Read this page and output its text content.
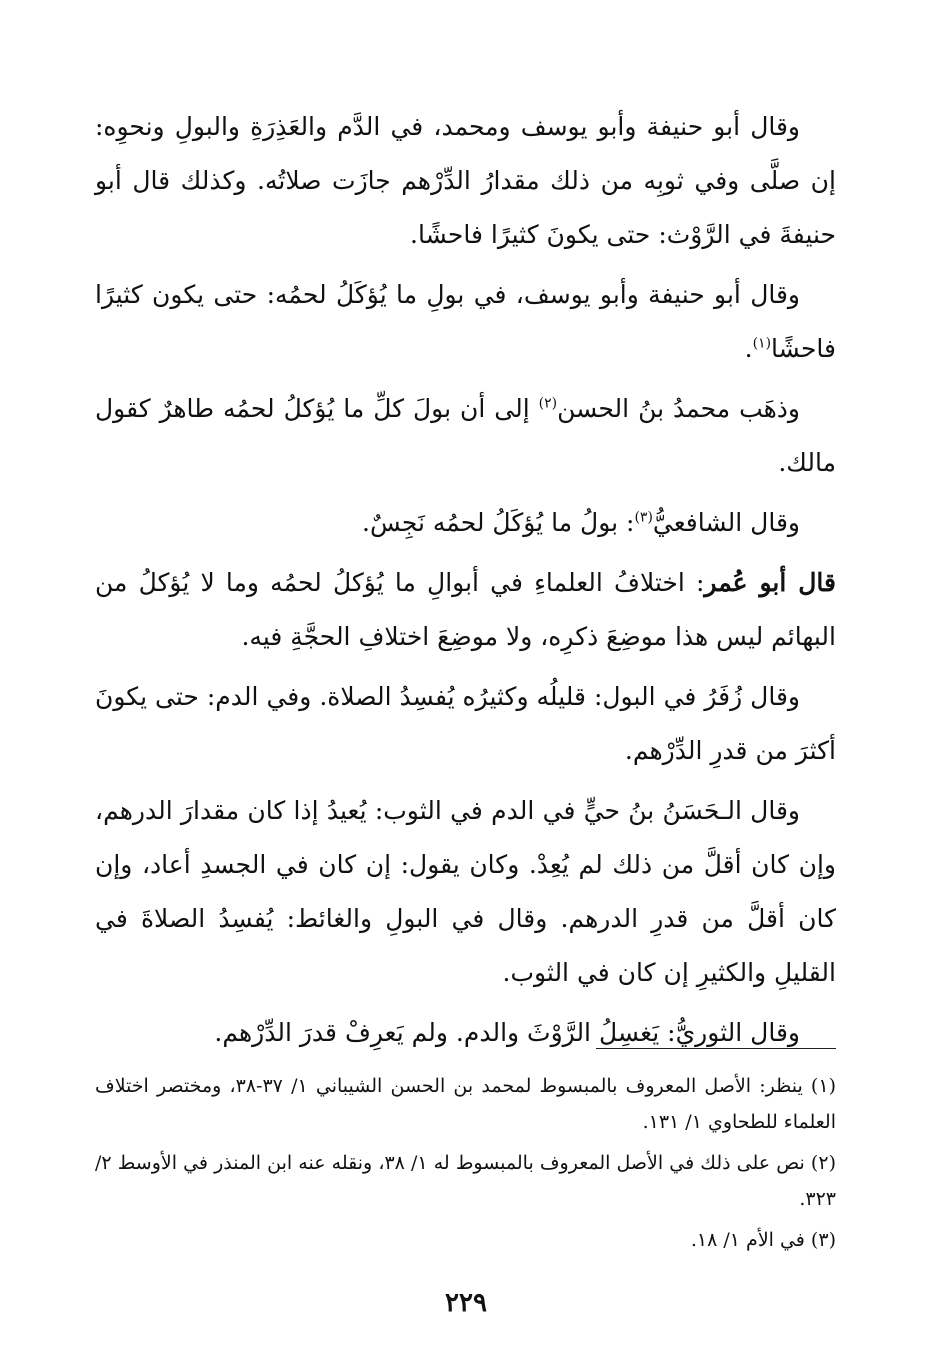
وقال أبو حنيفة وأبو يوسف ومحمد، في الدَّم والعَذِرَةِ والبولِ ونحوِه: إن صلَّى وفي ثوبِه من ذلك مقدارُ الدِّرْهم جازَت صلاتُه. وكذلك قال أبو حنيفةَ في الرَّوْث: حتى يكونَ كثيرًا فاحشًا.

وقال أبو حنيفة وأبو يوسف، في بولِ ما يُؤكَلُ لحمُه: حتى يكون كثيرًا فاحشًا$^{(١)}$.

وذهَب محمدُ بنُ الحسن$^{(٢)}$ إلى أن بولَ كلِّ ما يُؤكلُ لحمُه طاهرٌ كقول مالك.

وقال الشافعيُّ$^{(٣)}$: بولُ ما يُؤكَلُ لحمُه نَجِسٌ.

قال أبو عُمر: اختلافُ العلماءِ في أبوالِ ما يُؤكلُ لحمُه وما لا يُؤكلُ من البهائم ليس هذا موضِعَ ذكرِه، ولا موضِعَ اختلافِ الحجَّةِ فيه.

وقال زُفَرُ في البول: قليلُه وكثيرُه يُفسِدُ الصلاة. وفي الدم: حتى يكونَ أكثرَ من قدرِ الدِّرْهم.

وقال الـحَسَنُ بنُ حيٍّ في الدم في الثوب: يُعيدُ إذا كان مقدارَ الدرهم، وإن كان أقلَّ من ذلك لم يُعِدْ. وكان يقول: إن كان في الجسدِ أعاد، وإن كان أقلَّ من قدرِ الدرهم. وقال في البولِ والغائط: يُفسِدُ الصلاةَ في القليلِ والكثيرِ إن كان في الثوب.

وقال الثوريُّ: يَغسِلُ الرَّوْثَ والدم. ولم يَعرِفْ قدرَ الدِّرْهم.

(١) ينظر: الأصل المعروف بالمبسوط لمحمد بن الحسن الشيباني ١/ ٣٧-٣٨، ومختصر اختلاف العلماء للطحاوي ١/ ١٣١.

(٢) نص على ذلك في الأصل المعروف بالمبسوط له ١/ ٣٨، ونقله عنه ابن المنذر في الأوسط ٢/ ٣٢٣.

(٣) في الأم ١/ ١٨.

٢٢٩
